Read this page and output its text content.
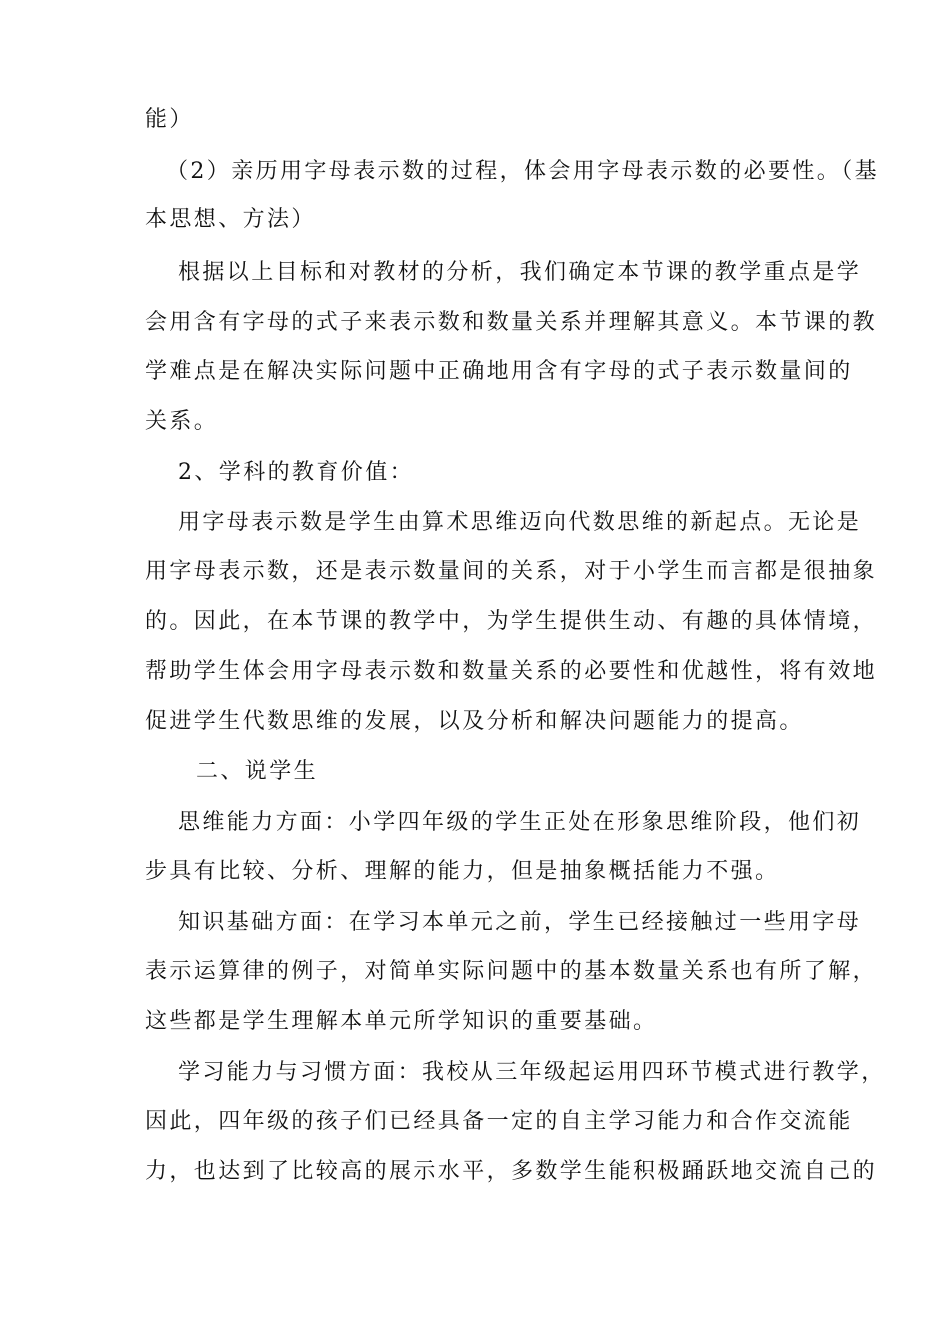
能）
（2）亲历用字母表示数的过程，体会用字母表示数的必要性。（基
本思想、方法）
根据以上目标和对教材的分析，我们确定本节课的教学重点是学
会用含有字母的式子来表示数和数量关系并理解其意义。本节课的教
学难点是在解决实际问题中正确地用含有字母的式子表示数量间的
关系。
2、学科的教育价值：
用字母表示数是学生由算术思维迈向代数思维的新起点。无论是
用字母表示数，还是表示数量间的关系，对于小学生而言都是很抽象
的。因此，在本节课的教学中，为学生提供生动、有趣的具体情境，
帮助学生体会用字母表示数和数量关系的必要性和优越性，将有效地
促进学生代数思维的发展，以及分析和解决问题能力的提高。
二、说学生
思维能力方面：小学四年级的学生正处在形象思维阶段，他们初
步具有比较、分析、理解的能力，但是抽象概括能力不强。
知识基础方面：在学习本单元之前，学生已经接触过一些用字母
表示运算律的例子，对简单实际问题中的基本数量关系也有所了解，
这些都是学生理解本单元所学知识的重要基础。
学习能力与习惯方面：我校从三年级起运用四环节模式进行教学，
因此，四年级的孩子们已经具备一定的自主学习能力和合作交流能
力，也达到了比较高的展示水平，多数学生能积极踊跃地交流自己的
